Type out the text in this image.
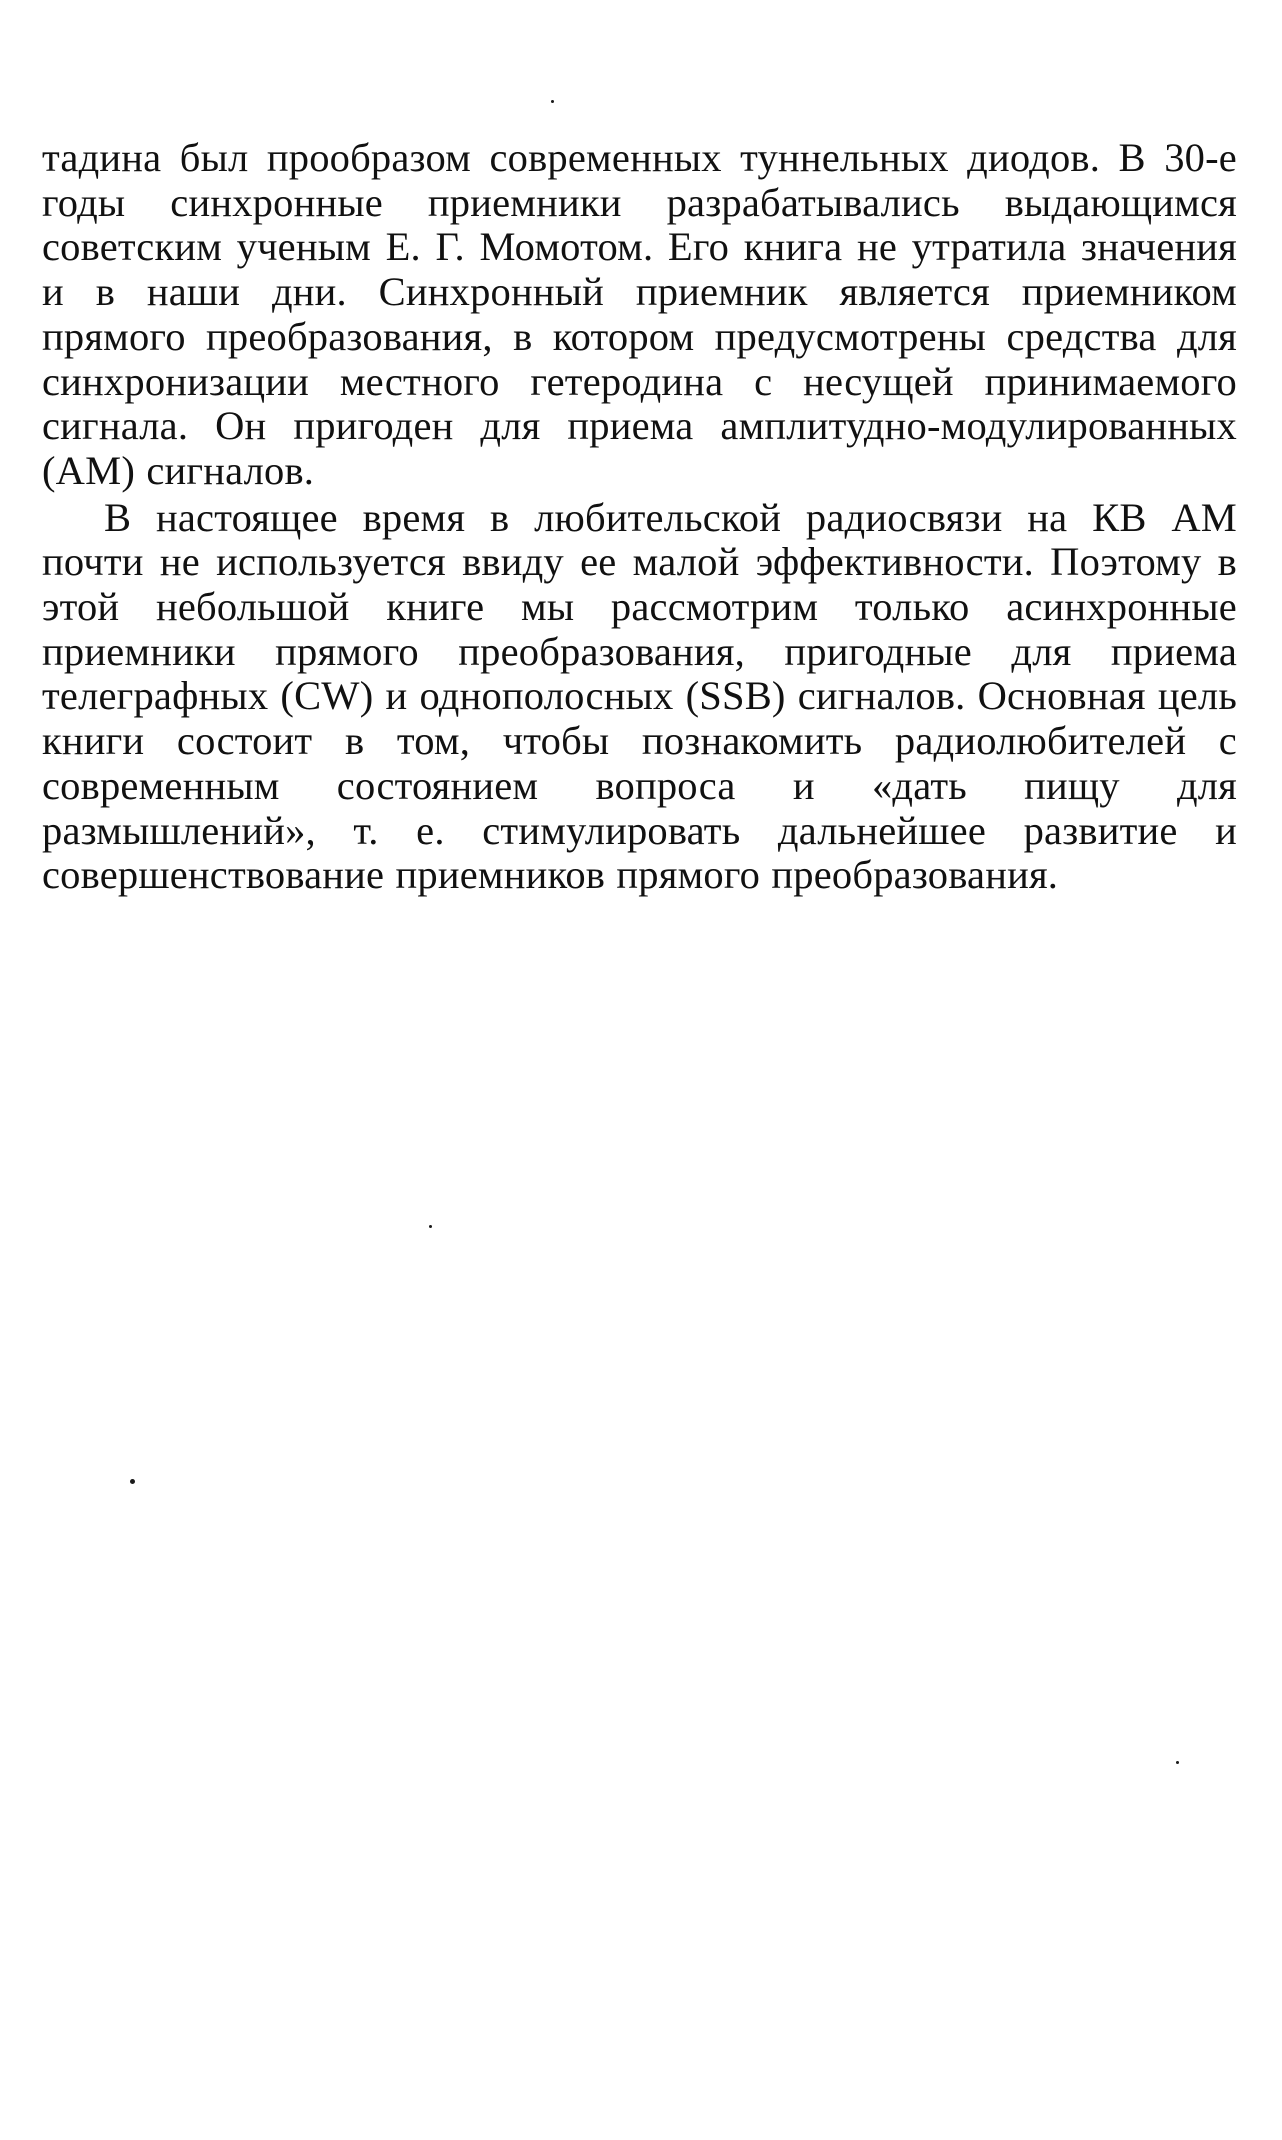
тадина был прообразом современных туннельных диодов. В 30-е годы синхронные приемники разрабатывались выдающимся советским ученым Е. Г. Момотом. Его книга не утратила значения и в наши дни. Синхронный приемник является приемником прямого преобразования, в котором предусмотрены средства для синхронизации местного гетеродина с несущей принимаемого сигнала. Он пригоден для приема амплитудно-модулированных (АМ) сигналов.

В настоящее время в любительской радиосвязи на КВ АМ почти не используется ввиду ее малой эффективности. Поэтому в этой небольшой книге мы рассмотрим только асинхронные приемники прямого преобразования, пригодные для приема телеграфных (CW) и однополосных (SSB) сигналов. Основная цель книги состоит в том, чтобы познакомить радиолюбителей с современным состоянием вопроса и «дать пищу для размышлений», т. е. стимулировать дальнейшее развитие и совершенствование приемников прямого преобразования.
